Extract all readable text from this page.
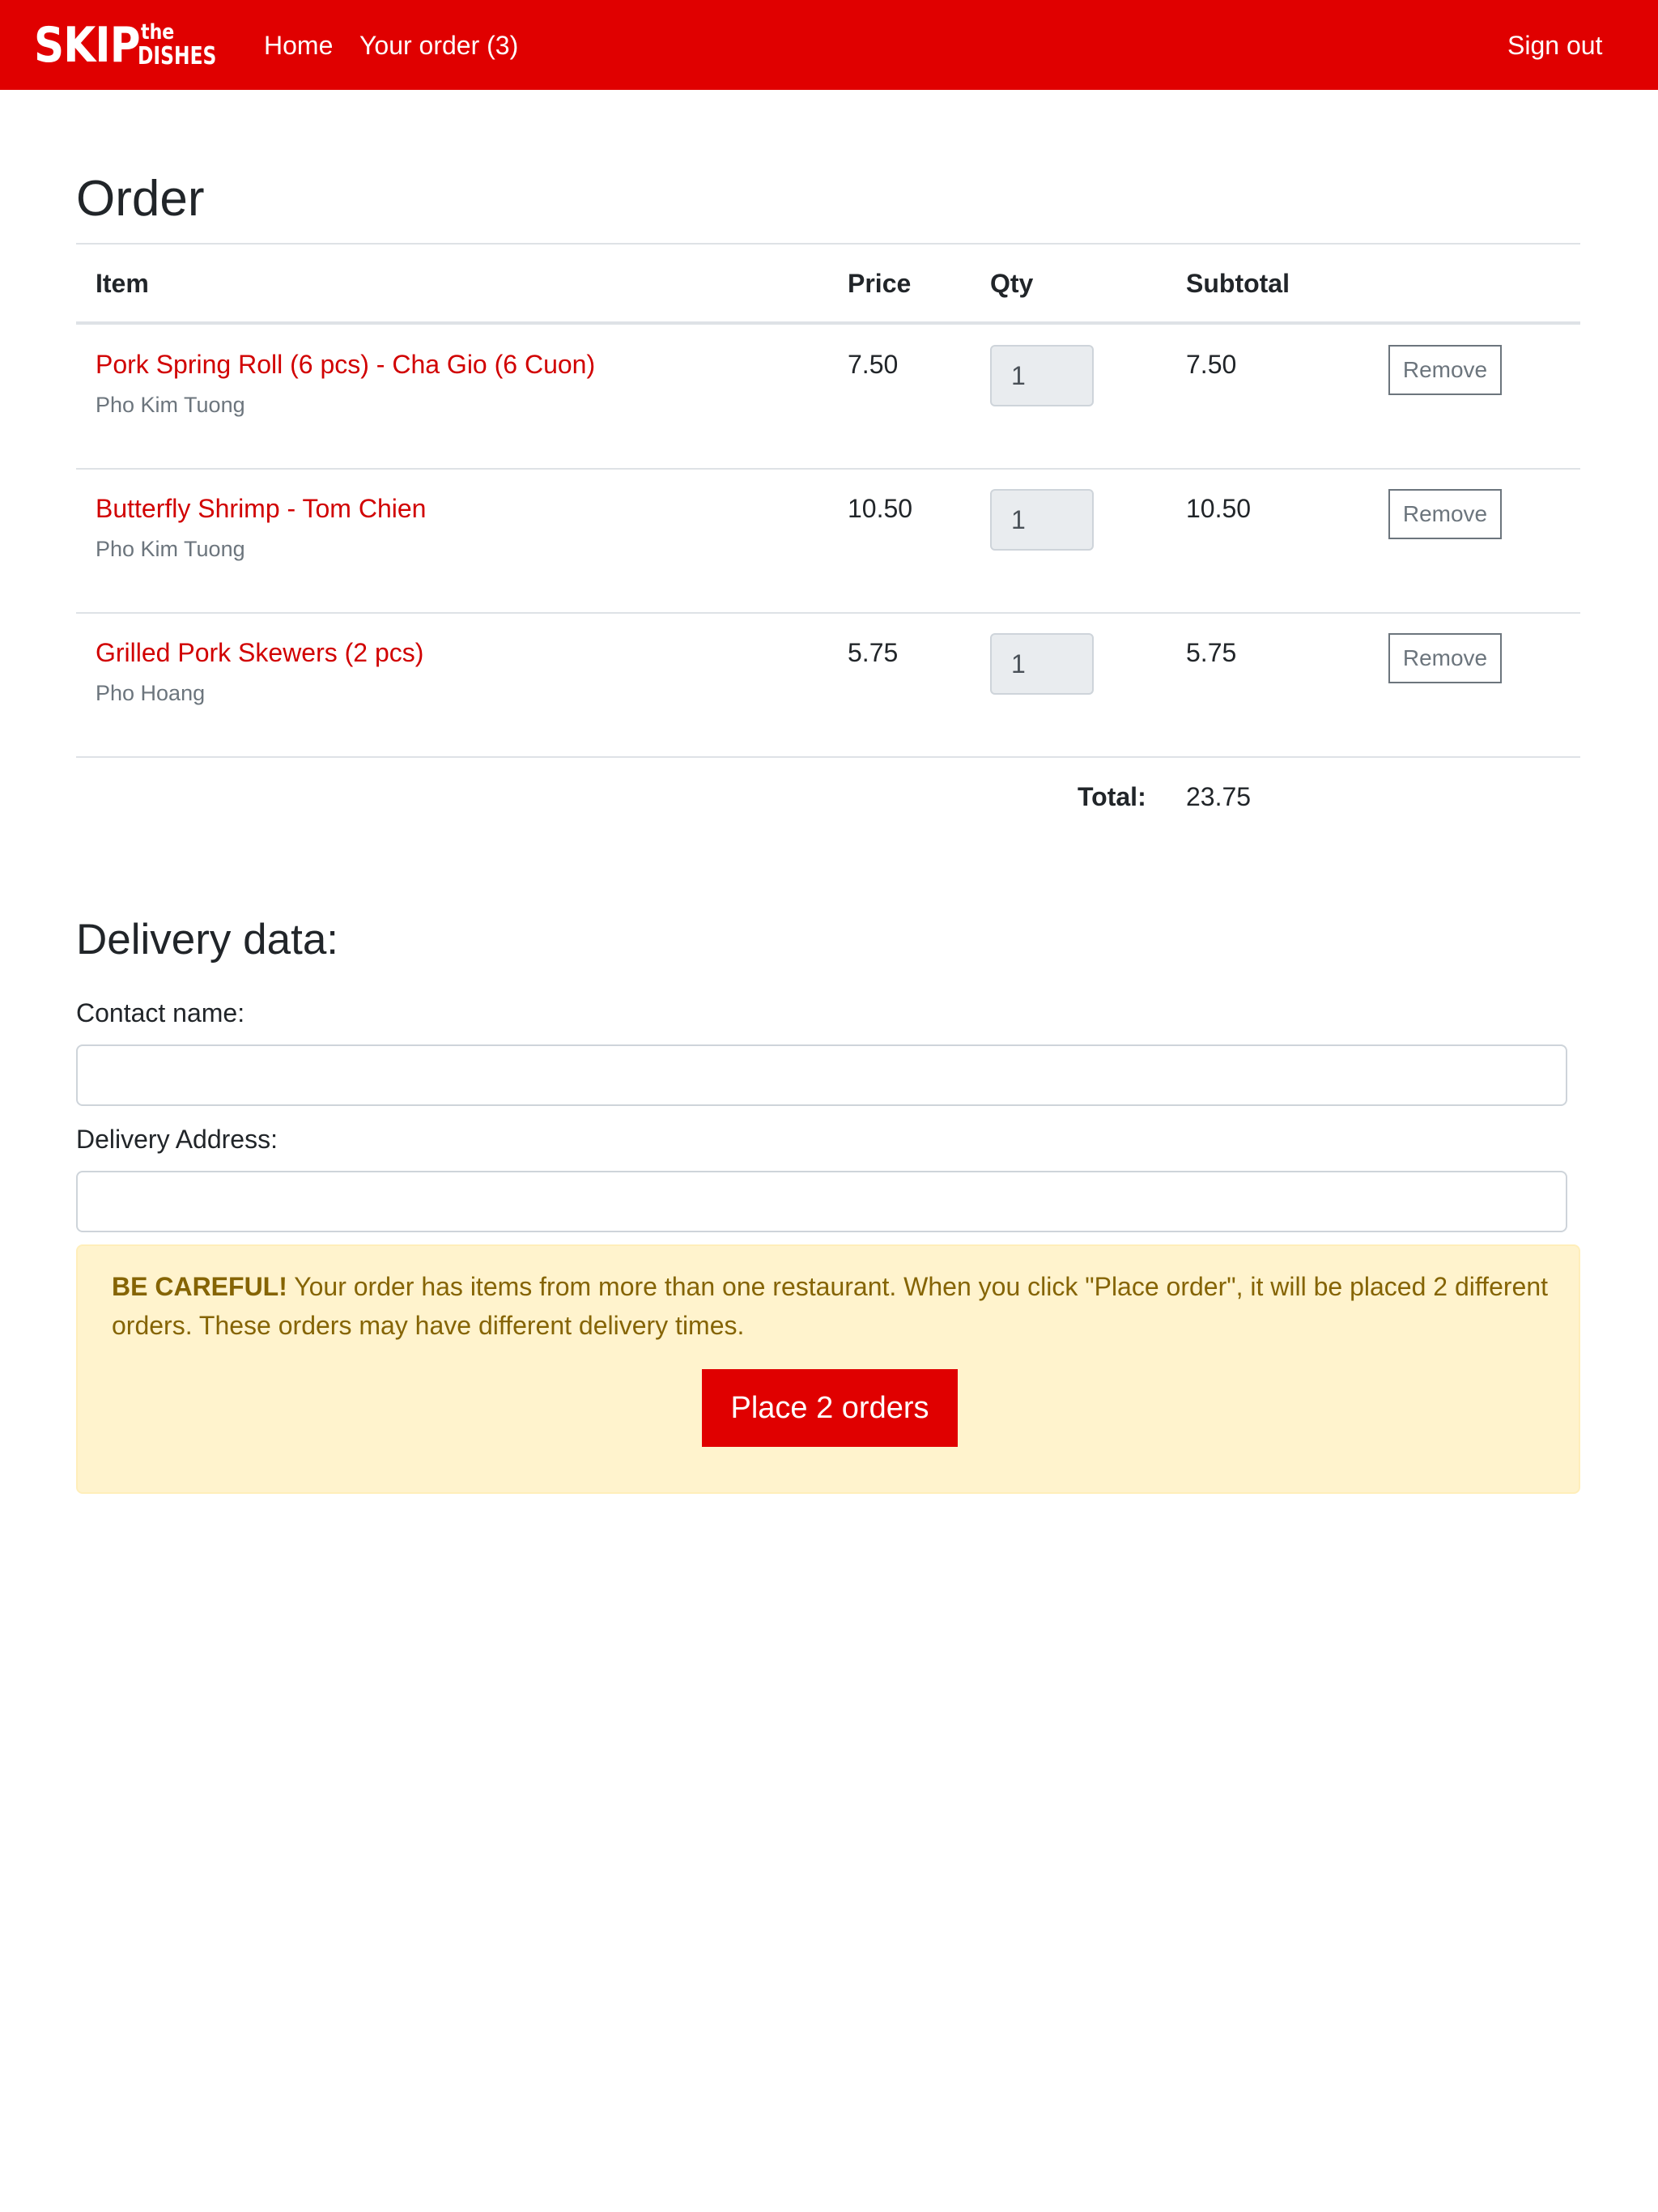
SKIP the
DISHES Home Your order (3)	Sign out
Order
Item	Price	Qty	Subtotal
Pork Spring Roll (6 pcs) - Cha Gio (6 Cuon)
Pho Kim Tuong
7.50	1	7.50	Remove
Butterfly Shrimp - Tom Chien
Pho Kim Tuong
10.50	1	10.50	Remove
Grilled Pork Skewers (2 pcs)
Pho Hoang
5.75	1	5.75	Remove
Total: 23.75
Delivery data:
Contact name:
Delivery Address:
BE CAREFUL! Your order has items from more than one restaurant. When you click "Place order", it will be placed 2 different orders. These orders may have different delivery times.
Place 2 orders
